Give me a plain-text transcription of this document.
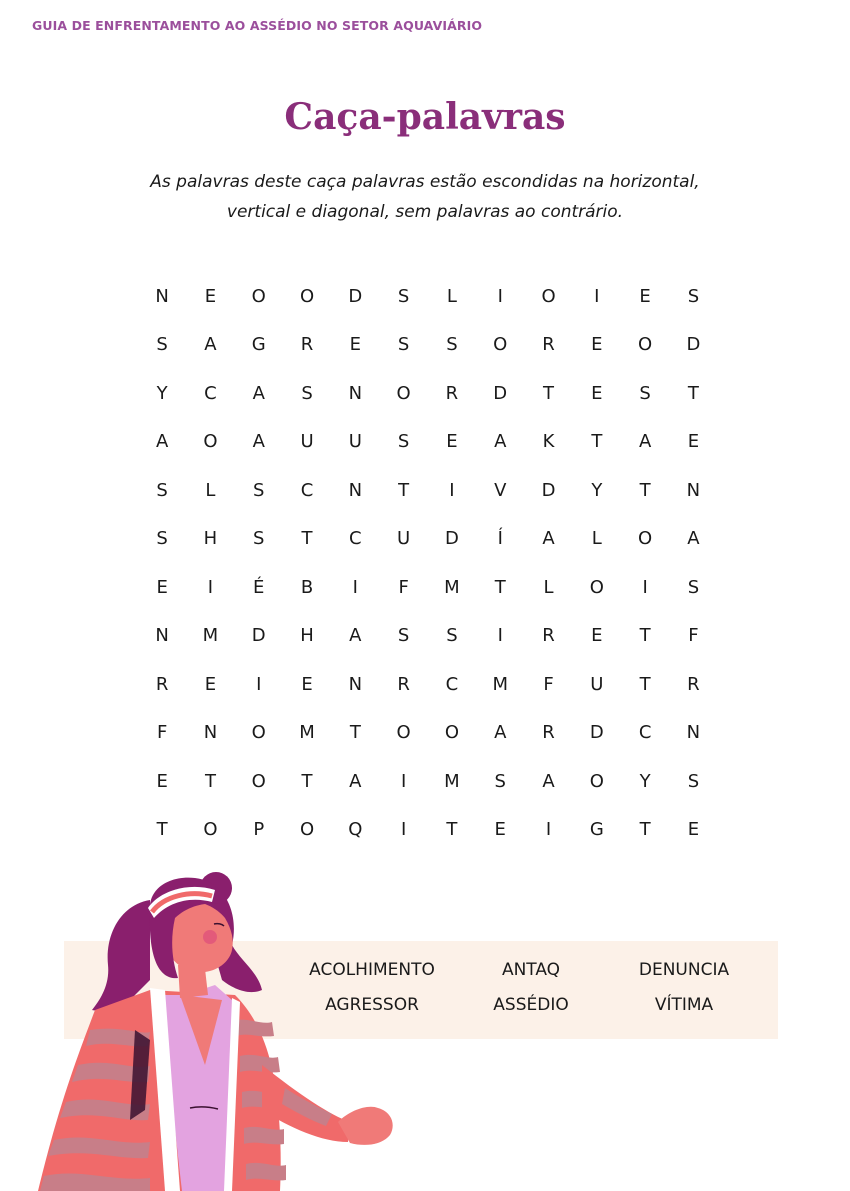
GUIA DE ENFRENTAMENTO AO ASSÉDIO NO SETOR AQUAVIÁRIO
Caça-palavras
As palavras deste caça palavras estão escondidas na horizontal,
vertical e diagonal, sem palavras ao contrário.
N	E	O	O	D	S	L	I	O	I	E	S
S	A	G	R	E	S	S	O	R	E	O	D
Y	C	A	S	N	O	R	D	T	E	S	T
A	O	A	U	U	S	E	A	K	T	A	E
S	L	S	C	N	T	I	V	D	Y	T	N
S	H	S	T	C	U	D	Í	A	L	O	A
E	I	É	B	I	F	M	T	L	O	I	S
N	M	D	H	A	S	S	I	R	E	T	F
R	E	I	E	N	R	C	M	F	U	T	R
F	N	O	M	T	O	O	A	R	D	C	N
E	T	O	T	A	I	M	S	A	O	Y	S
T	O	P	O	Q	I	T	E	I	G	T	E
ACOLHIMENTO	ANTAQ	DENUNCIA
AGRESSOR	ASSÉDIO	VÍTIMA
